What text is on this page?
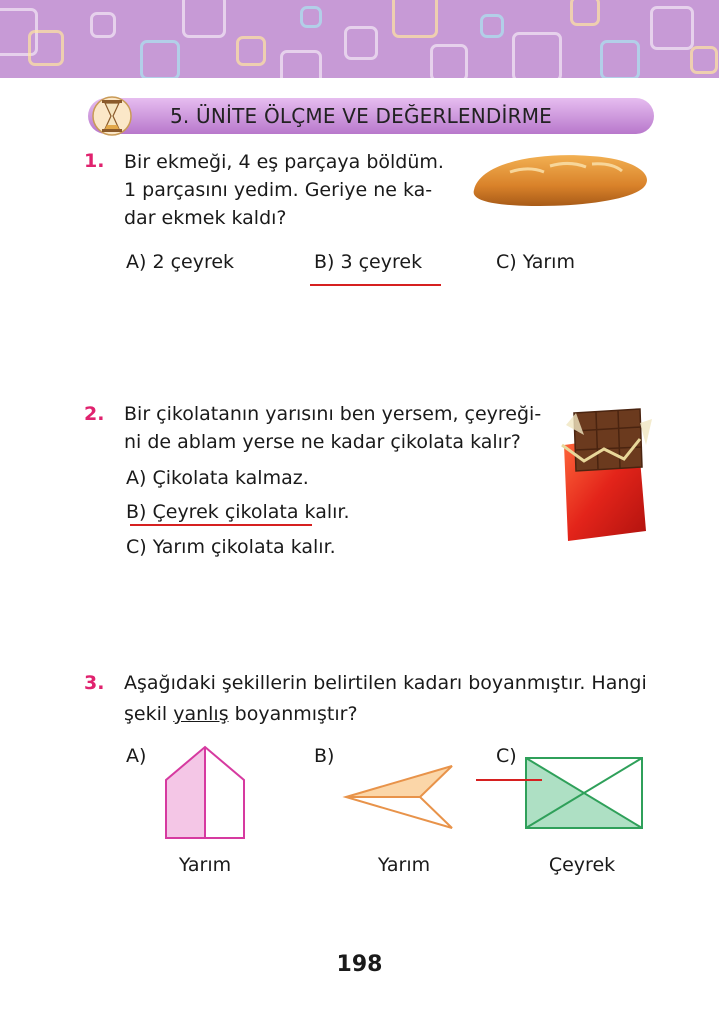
5. ÜNİTE ÖLÇME VE DEĞERLENDİRME
1. Bir ekmeği, 4 eş parçaya böldüm.
1 parçasını yedim. Geriye ne ka-
dar ekmek kaldı?
A) 2 çeyrek	B) 3 çeyrek	C) Yarım
2. Bir çikolatanın yarısını ben yersem, çeyreği-
ni de ablam yerse ne kadar çikolata kalır?
A) Çikolata kalmaz.
B) Çeyrek çikolata kalır.
C) Yarım çikolata kalır.
3. Aşağıdaki şekillerin belirtilen kadarı boyanmıştır. Hangi
şekil yanlış boyanmıştır?
A)	B)	C)
Yarım	Yarım	Çeyrek
198
